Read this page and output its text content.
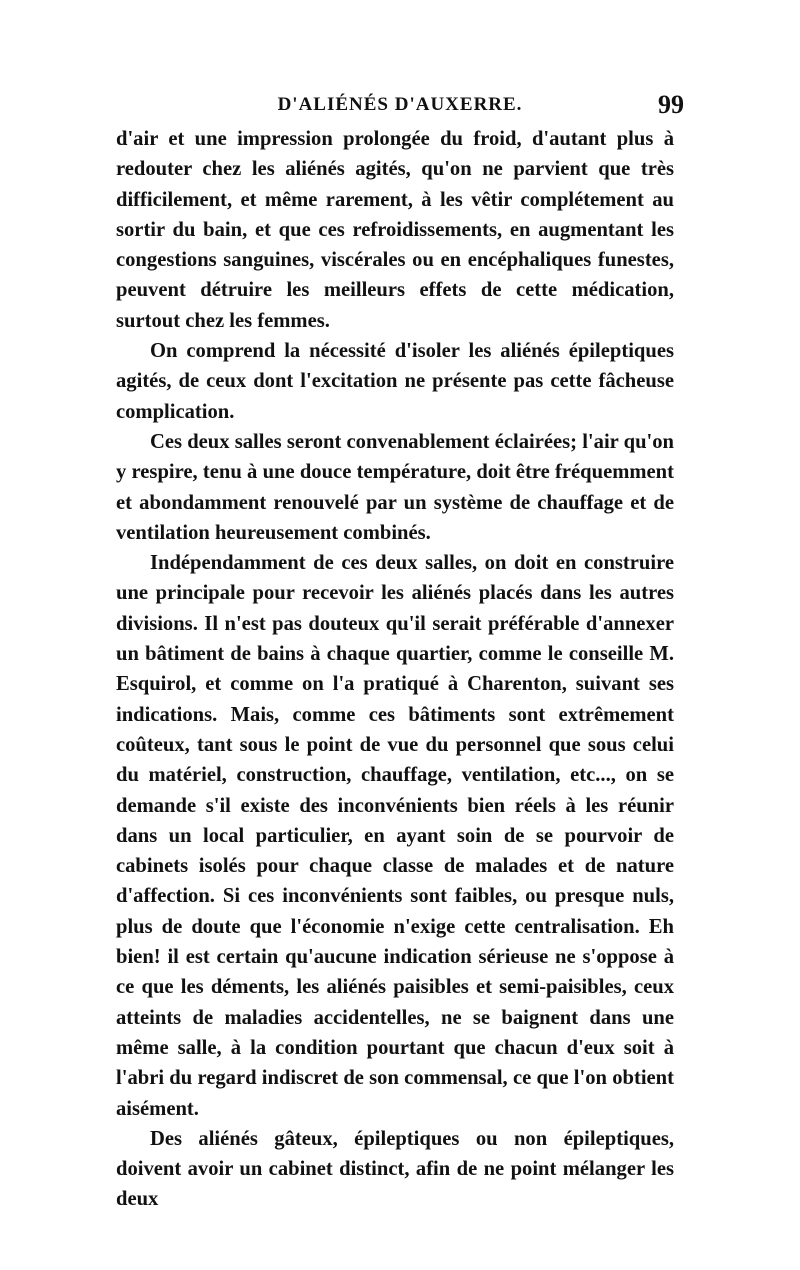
D'ALIÉNÉS D'AUXERRE.	99

d'air et une impression prolongée du froid, d'autant plus à redouter chez les aliénés agités, qu'on ne parvient que très difficilement, et même rarement, à les vêtir complétement au sortir du bain, et que ces refroidissements, en augmentant les congestions sanguines, viscérales ou en encéphaliques funestes, peuvent détruire les meilleurs effets de cette médication, surtout chez les femmes.

On comprend la nécessité d'isoler les aliénés épileptiques agités, de ceux dont l'excitation ne présente pas cette fâcheuse complication.

Ces deux salles seront convenablement éclairées; l'air qu'on y respire, tenu à une douce température, doit être fréquemment et abondamment renouvelé par un système de chauffage et de ventilation heureusement combinés.

Indépendamment de ces deux salles, on doit en construire une principale pour recevoir les aliénés placés dans les autres divisions. Il n'est pas douteux qu'il serait préférable d'annexer un bâtiment de bains à chaque quartier, comme le conseille M. Esquirol, et comme on l'a pratiqué à Charenton, suivant ses indications. Mais, comme ces bâtiments sont extrêmement coûteux, tant sous le point de vue du personnel que sous celui du matériel, construction, chauffage, ventilation, etc..., on se demande s'il existe des inconvénients bien réels à les réunir dans un local particulier, en ayant soin de se pourvoir de cabinets isolés pour chaque classe de malades et de nature d'affection. Si ces inconvénients sont faibles, ou presque nuls, plus de doute que l'économie n'exige cette centralisation. Eh bien! il est certain qu'aucune indication sérieuse ne s'oppose à ce que les déments, les aliénés paisibles et semi-paisibles, ceux atteints de maladies accidentelles, ne se baignent dans une même salle, à la condition pourtant que chacun d'eux soit à l'abri du regard indiscret de son commensal, ce que l'on obtient aisément.

Des aliénés gâteux, épileptiques ou non épileptiques, doivent avoir un cabinet distinct, afin de ne point mélanger les deux
